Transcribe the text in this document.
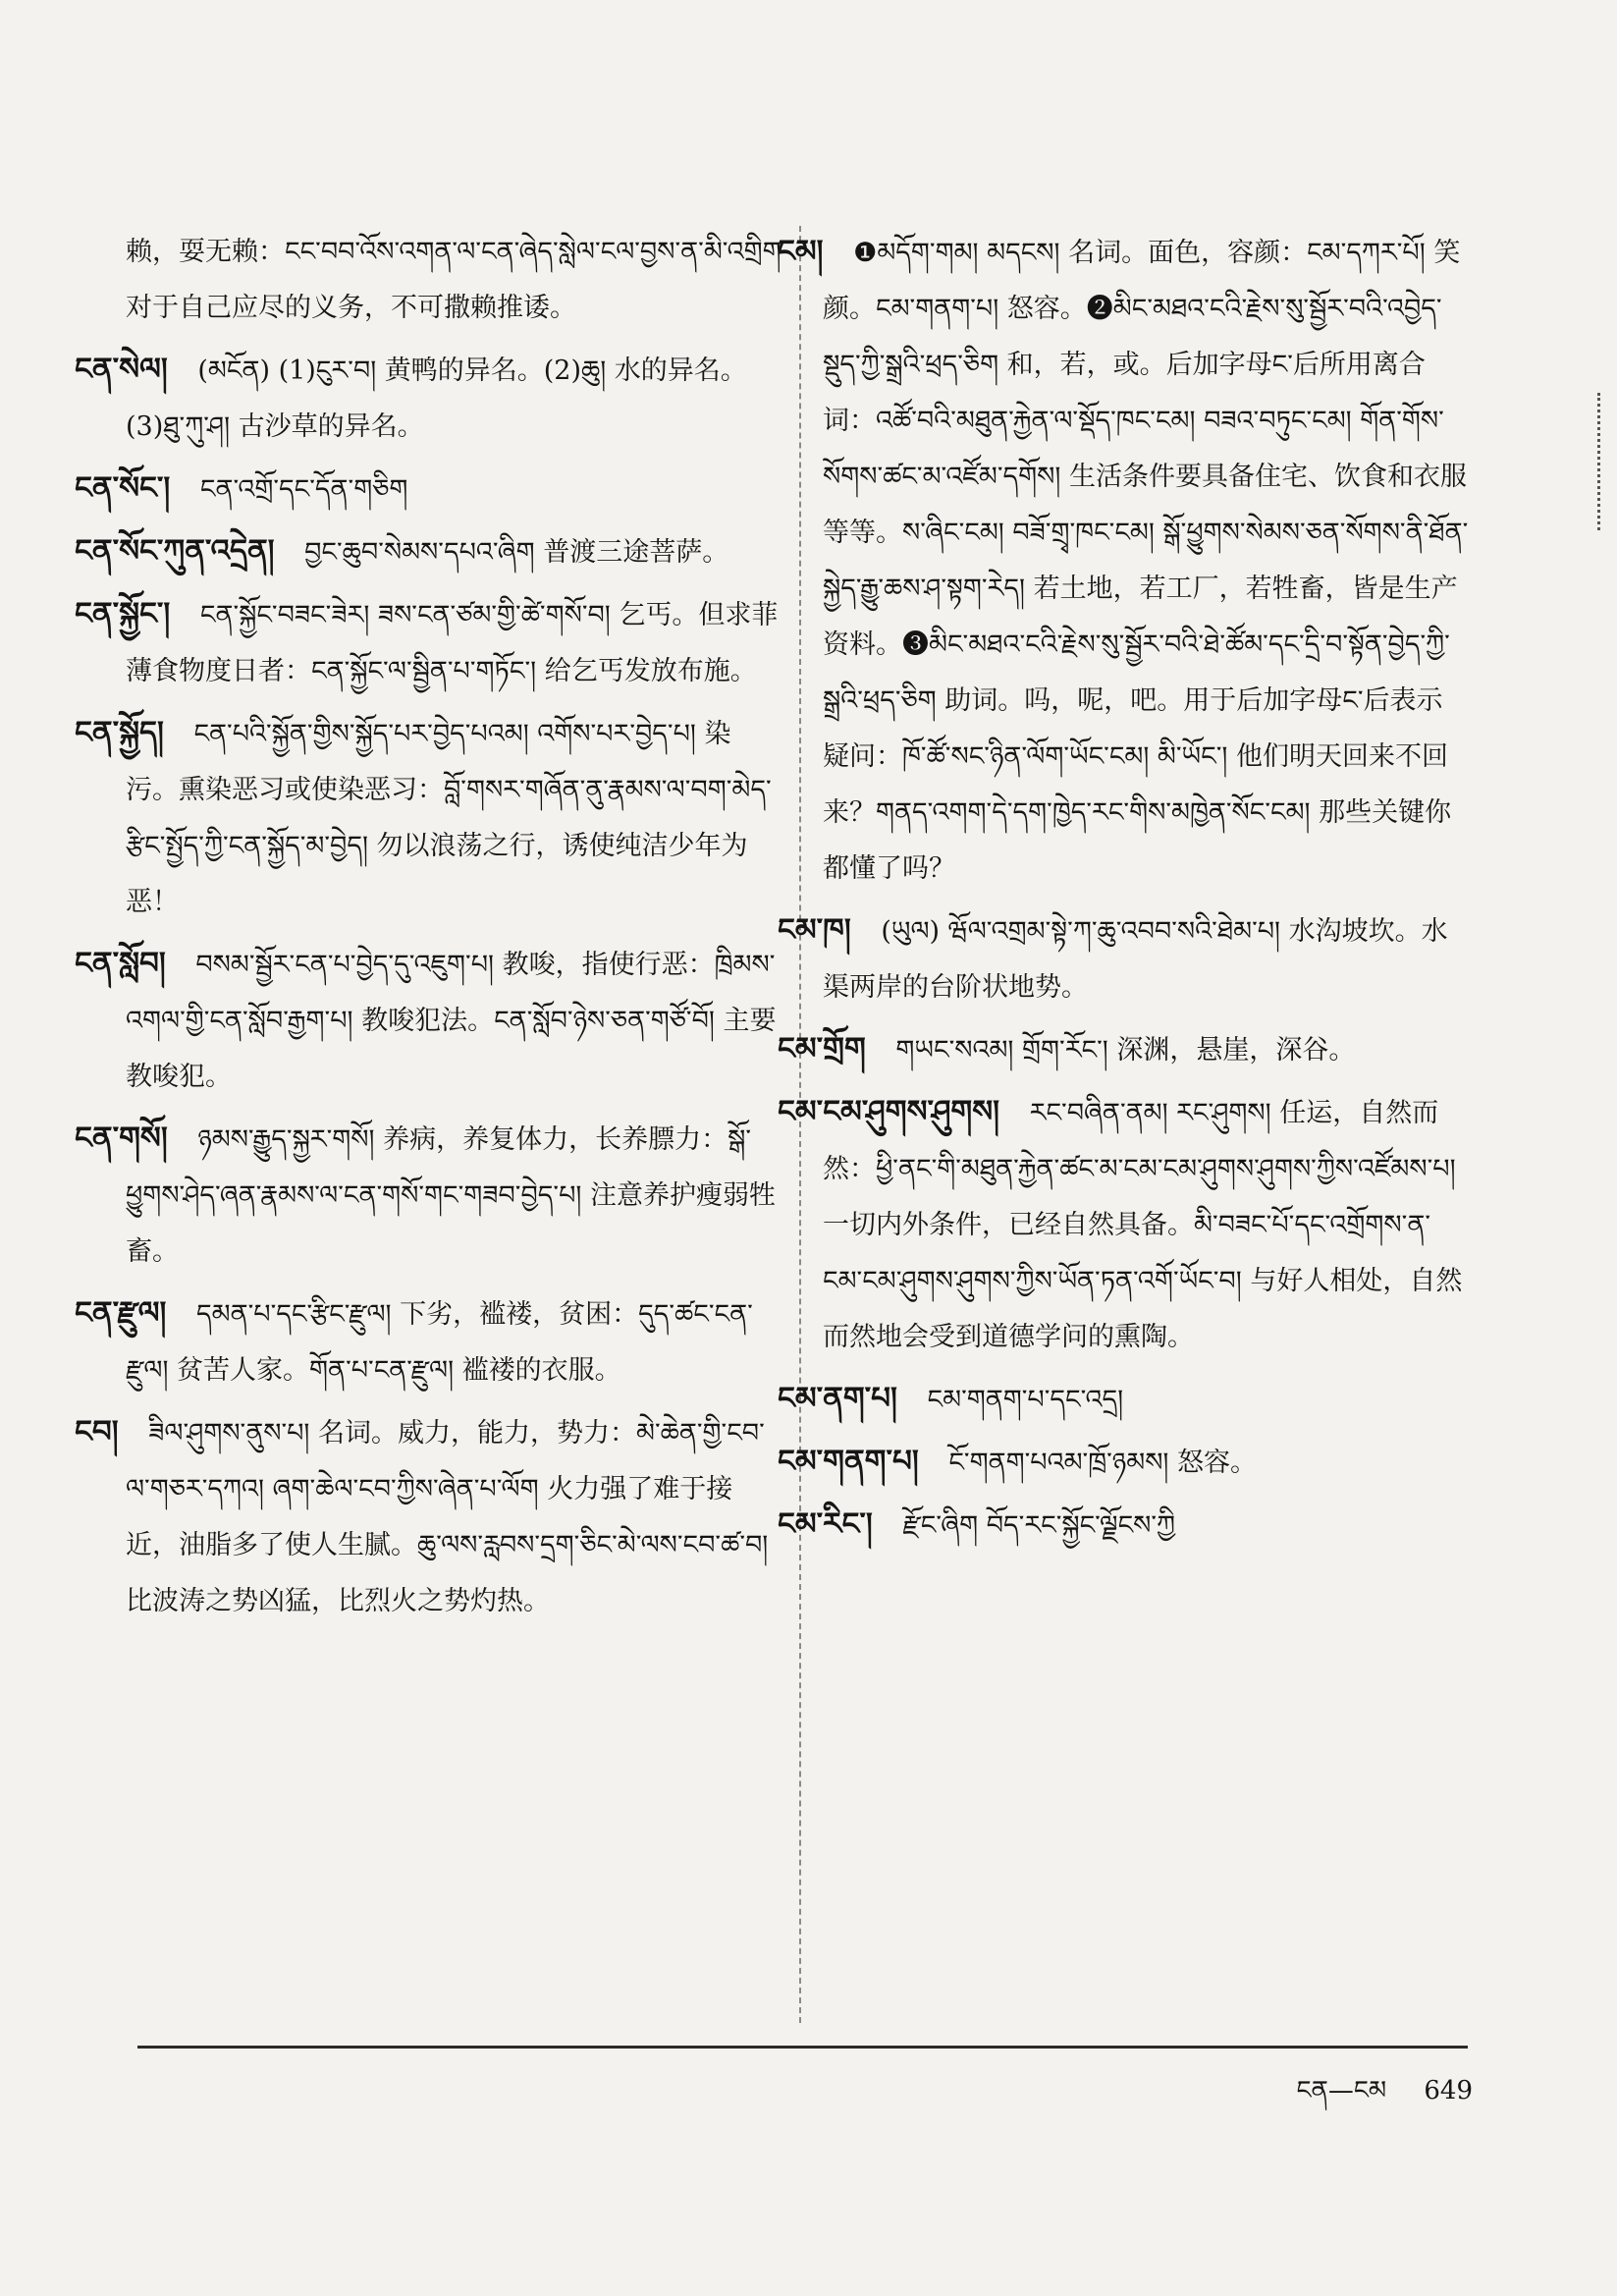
赖，耍无赖：ངང་བབ་འོས་འགན་ལ་ངན་ཞེད་སླེལ་ངལ་བྱས་ན་མི་འགྲིག 对于自己应尽的义务，不可撒赖推诿。
ངན་སེལ། (མངོན) (1)ངུར་བ། 黄鸭的异名。(2)ཆུ། 水的异名。(3)ཐུ་ཀུ་ཤ། 古沙草的异名。
ངན་སོང་། ངན་འགྲོ་དང་དོན་གཅིག
ངན་སོང་ཀུན་འདྲེན། བྱང་ཆུབ་སེམས་དཔའ་ཞིག 普渡三途菩萨。
ངན་སྐྱོང་། ངན་སྐྱོང་བཟང་ཟེར། ཟས་ངན་ཙམ་གྱི་ཚེ་གསོ་བ། 乞丐。但求菲薄食物度日者：ངན་སྐྱོང་ལ་སྦྱིན་པ་གཏོང་། 给乞丐发放布施。
ངན་སྐྱོད། ངན་པའི་སྐྱོན་གྱིས་སྐྱོད་པར་བྱེད་པའམ། འགོས་པར་བྱེད་པ། 染污。熏染恶习或使染恶习：བློ་གསར་གཞོན་ནུ་རྣམས་ལ་བག་མེད་རྩིང་སྤྱོད་ཀྱི་ངན་སྐྱོད་མ་བྱེད། 勿以浪荡之行，诱使纯洁少年为恶！
ངན་སློབ། བསམ་སྦྱོར་ངན་པ་བྱེད་དུ་འཇུག་པ། 教唆，指使行恶：ཁྲིམས་འགལ་གྱི་ངན་སློབ་རྒྱག་པ། 教唆犯法。ངན་སློབ་ཉེས་ཅན་གཙོ་བོ། 主要教唆犯。
ངན་གསོ། ཉམས་རྒྱུད་སྐྱར་གསོ། 养病，养复体力，长养膘力：སྒོ་ཕྱུགས་ཤེད་ཞན་རྣམས་ལ་ངན་གསོ་གང་གཟབ་བྱེད་པ། 注意养护瘦弱牲畜。
ངན་རྫུལ། དམན་པ་དང་རྩིང་རྫུལ། 下劣，褴褛，贫困：དུད་ཚང་ངན་རྫུལ། 贫苦人家。གོན་པ་ངན་རྫུལ། 褴褛的衣服。
ངབ། ཟིལ་ཤུགས་ནུས་པ། 名词。威力，能力，势力：མེ་ཆེན་གྱི་ངབ་ལ་གཅར་དཀའ། ཞག་ཆེལ་ངབ་ཀྱིས་ཞེན་པ་ལོག 火力强了难于接近，油脂多了使人生腻。ཆུ་ལས་རླབས་དྲག་ཅིང་མེ་ལས་ངབ་ཚ་བ། 比波涛之势凶猛，比烈火之势灼热。
ངམ། ❶མདོག་གམ། མདངས། 名词。面色，容颜：ངམ་དཀར་པོ། 笑颜。ངམ་གནག་པ། 怒容。❷མིང་མཐའ་ངའི་རྗེས་སུ་སྦྱོར་བའི་འབྱེད་སྡུད་ཀྱི་སྒྲའི་ཕྲད་ཅིག 和，若，或。后加字母ང་后所用离合词：འཚོ་བའི་མཐུན་རྐྱེན་ལ་སྡོད་ཁང་ངམ། བཟའ་བཏུང་ངམ། གོན་གོས་སོགས་ཚང་མ་འཛོམ་དགོས། 生活条件要具备住宅、饮食和衣服等等。ས་ཞིང་ངམ། བཟོ་གྲྭ་ཁང་ངམ། སྒོ་ཕྱུགས་སེམས་ཅན་སོགས་ནི་ཐོན་སྐྱེད་རྒྱུ་ཆས་ཤ་སྟག་རེད། 若土地，若工厂，若牲畜，皆是生产资料。❸མིང་མཐའ་ངའི་རྗེས་སུ་སྦྱོར་བའི་ཐེ་ཚོམ་དང་དྲི་བ་སྟོན་བྱེད་ཀྱི་སྒྲའི་ཕྲད་ཅིག 助词。吗，呢，吧。用于后加字母ང་后表示疑问：ཁོ་ཚོ་སང་ཉིན་ལོག་ཡོང་ངམ། མི་ཡོང་། 他们明天回来不回来？གནད་འགག་དེ་དག་ཁྱེད་རང་གིས་མཁྱེན་སོང་ངམ། 那些关键你都懂了吗？
ངམ་ཁ། (ཡུལ) ཝོལ་འགྲམ་སྟེ་ཀ་ཆུ་འབབ་སའི་ཐེམ་པ། 水沟坡坎。水渠两岸的台阶状地势。
ངམ་གྲོག གཡང་སའམ། གྲོག་རོང་། 深渊，悬崖，深谷。
ངམ་ངམ་ཤུགས་ཤུགས། རང་བཞིན་ནམ། རང་ཤུགས། 任运，自然而然：ཕྱི་ནང་གི་མཐུན་རྐྱེན་ཚང་མ་ངམ་ངམ་ཤུགས་ཤུགས་ཀྱིས་འཛོམས་པ། 一切内外条件，已经自然具备。མི་བཟང་པོ་དང་འགྲོགས་ན་ངམ་ངམ་ཤུགས་ཤུགས་ཀྱིས་ཡོན་ཏན་འགོ་ཡོང་བ། 与好人相处，自然而然地会受到道德学问的熏陶。
ངམ་ནག་པ། ངམ་གནག་པ་དང་འདྲ།
ངམ་གནག་པ། ངོ་གནག་པའམ་ཁྲོ་ཉམས། 怒容。
ངམ་རིང་། རྫོང་ཞིག བོད་རང་སྐྱོང་ལྗོངས་ཀྱི
ངན—ངམ 649
